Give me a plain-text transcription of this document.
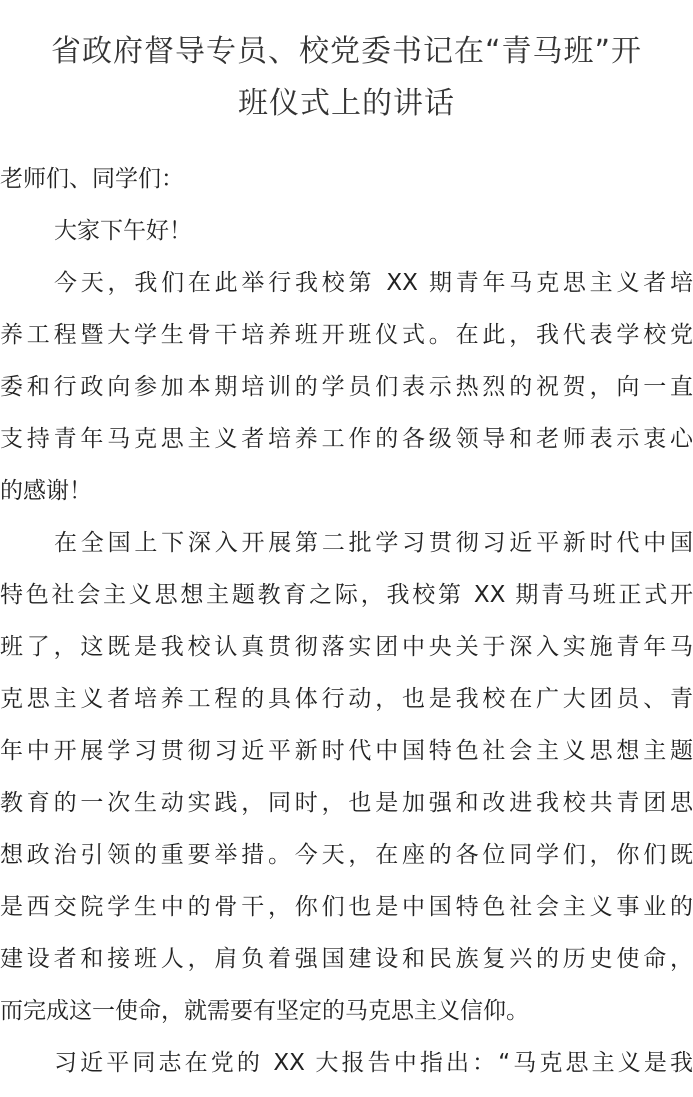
省政府督导专员、校党委书记在“青马班”开
班仪式上的讲话

老师们、同学们：

大家下午好！

今天，我们在此举行我校第 XX 期青年马克思主义者培
养工程暨大学生骨干培养班开班仪式。在此，我代表学校党
委和行政向参加本期培训的学员们表示热烈的祝贺，向一直
支持青年马克思主义者培养工作的各级领导和老师表示衷心
的感谢！

在全国上下深入开展第二批学习贯彻习近平新时代中国
特色社会主义思想主题教育之际，我校第 XX 期青马班正式开
班了，这既是我校认真贯彻落实团中央关于深入实施青年马
克思主义者培养工程的具体行动，也是我校在广大团员、青
年中开展学习贯彻习近平新时代中国特色社会主义思想主题
教育的一次生动实践，同时，也是加强和改进我校共青团思
想政治引领的重要举措。今天，在座的各位同学们，你们既
是西交院学生中的骨干，你们也是中国特色社会主义事业的
建设者和接班人，肩负着强国建设和民族复兴的历史使命，
而完成这一使命，就需要有坚定的马克思主义信仰。

习近平同志在党的 XX 大报告中指出：“马克思主义是我
